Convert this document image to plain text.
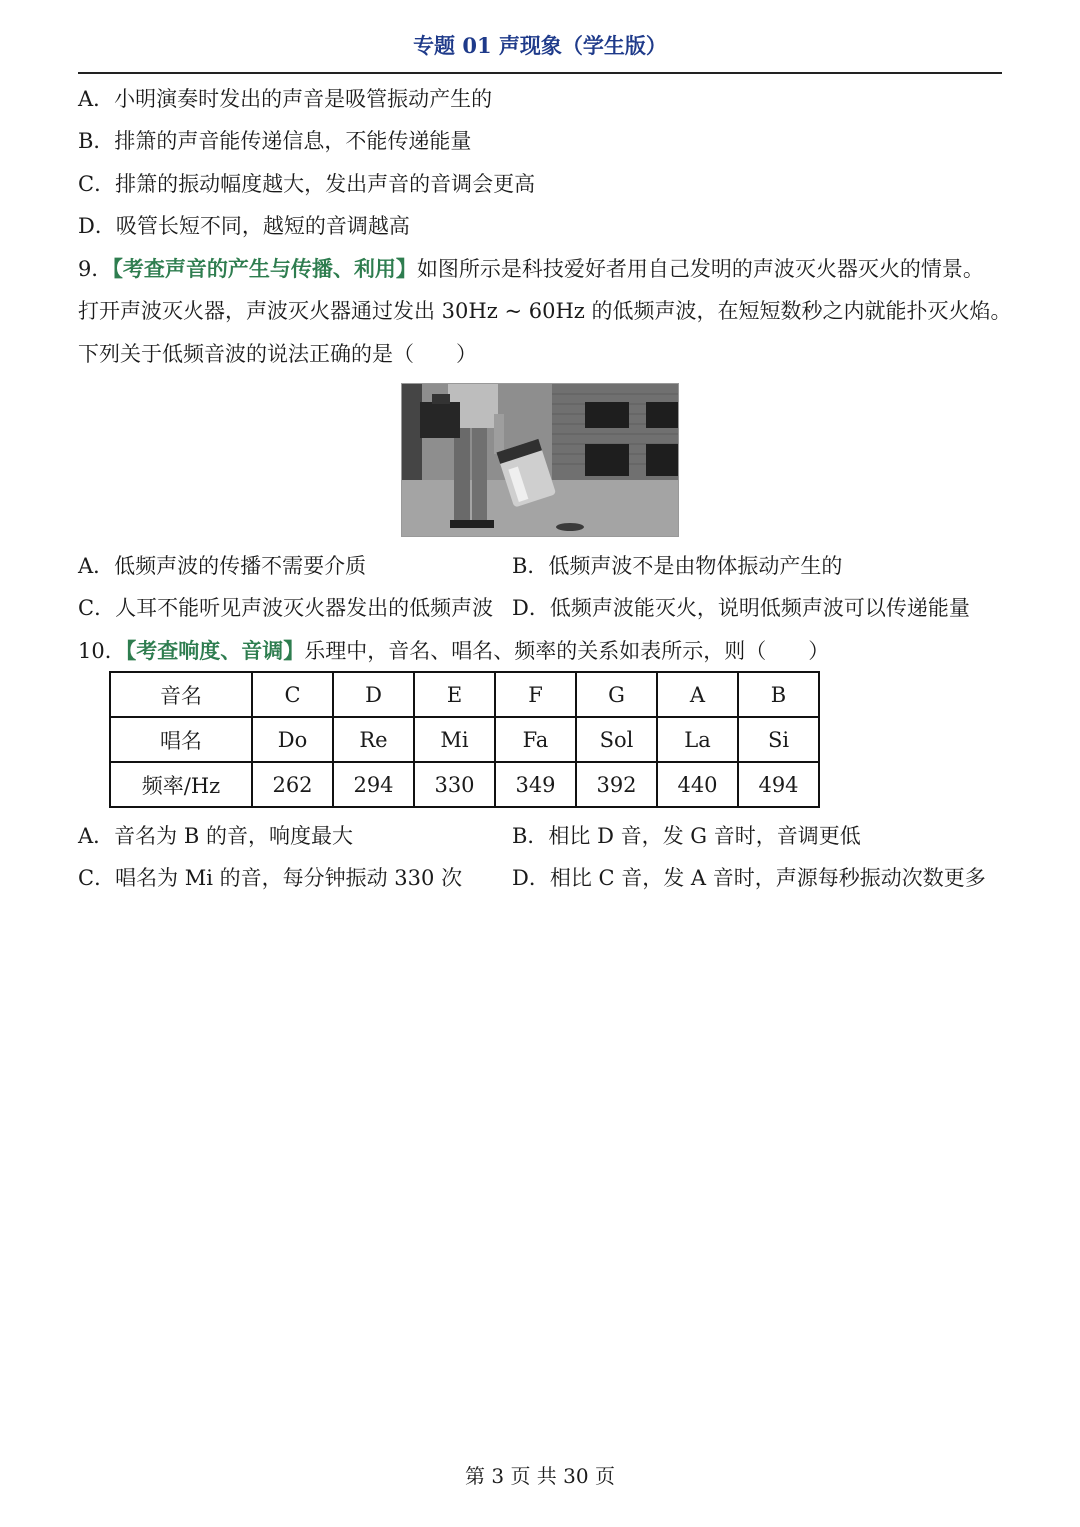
专题 01 声现象（学生版）
A．小明演奏时发出的声音是吸管振动产生的
B．排箫的声音能传递信息，不能传递能量
C．排箫的振动幅度越大，发出声音的音调会更高
D．吸管长短不同，越短的音调越高
9．【考查声音的产生与传播、利用】如图所示是科技爱好者用自己发明的声波灭火器灭火的情景。
打开声波灭火器，声波灭火器通过发出 30Hz ~ 60Hz 的低频声波，在短短数秒之内就能扑灭火焰。
下列关于低频音波的说法正确的是（　　）
A．低频声波的传播不需要介质	B．低频声波不是由物体振动产生的
C．人耳不能听见声波灭火器发出的低频声波 D．低频声波能灭火，说明低频声波可以传递能量
10．【考查响度、音调】乐理中，音名、唱名、频率的关系如表所示，则（　　）
音名	C	D	E	F	G	A	B
唱名	Do	Re	Mi	Fa	Sol	La	Si
频率/Hz	262	294	330	349	392	440	494
A．音名为 B 的音，响度最大	B．相比 D 音，发 G 音时，音调更低
C．唱名为 Mi 的音，每分钟振动 330 次 D．相比 C 音，发 A 音时，声源每秒振动次数更多
第 3 页 共 30 页
